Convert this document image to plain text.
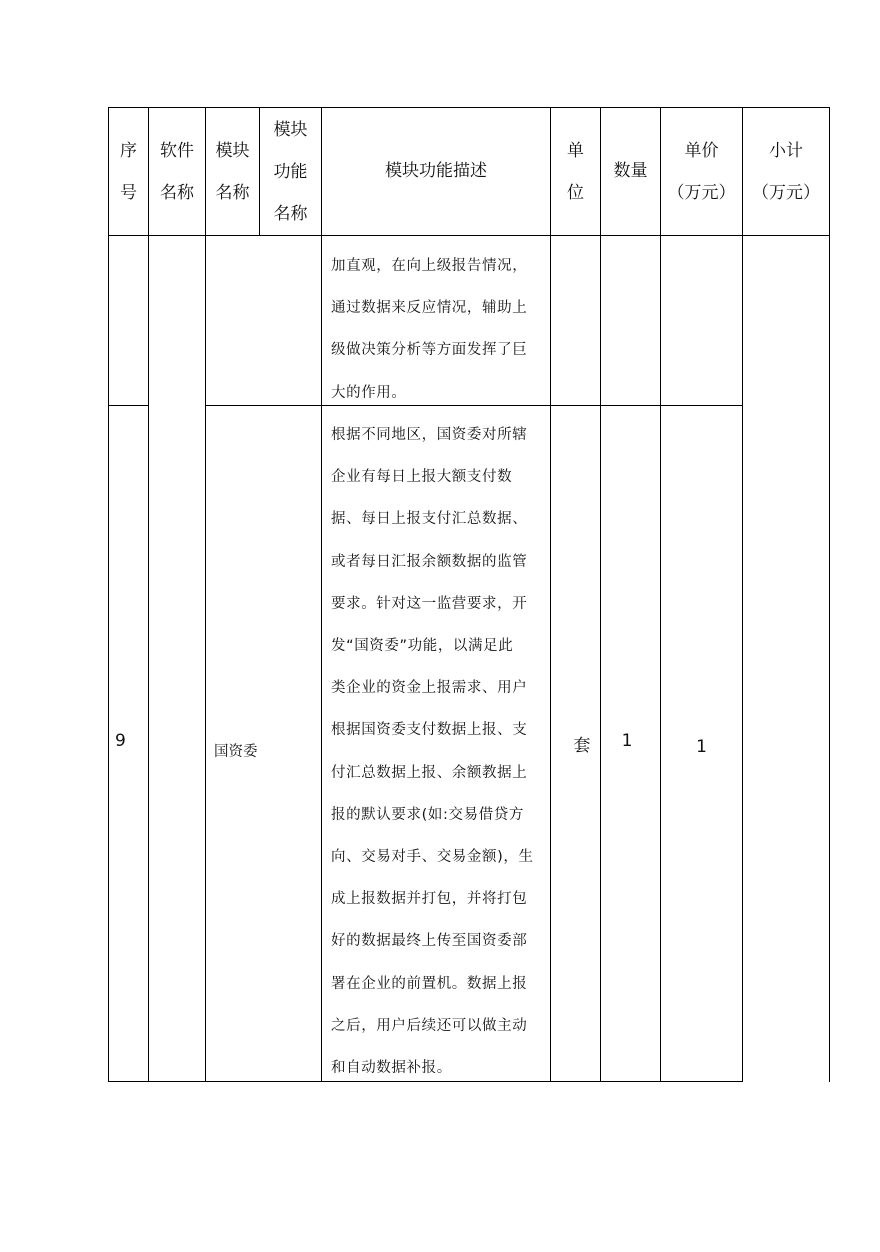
序
号
软件
名称
模块
名称
模块
功能
名称
模块功能描述
单
位
数量
单价
（万元）
小计
（万元）

加直观，在向上级报告情况，

通过数据来反应情况，辅助上

级做决策分析等方面发挥了巨

大的作用。

9
国资委

根据不同地区，国资委对所辖

企业有每日上报大额支付数

据、每日上报支付汇总数据、

或者每日汇报余额数据的监管

要求。针对这一监营要求，开

发“国资委”功能，以满足此

类企业的资金上报需求、用户

根据国资委支付数据上报、支

付汇总数据上报、余额教据上

报的默认要求(如:交易借贷方

向、交易对手、交易金额)，生

成上报数据并打包，并将打包

好的数据最终上传至国资委部

署在企业的前置机。数据上报

之后，用户后续还可以做主动

和自动数据补报。

套	1	1
